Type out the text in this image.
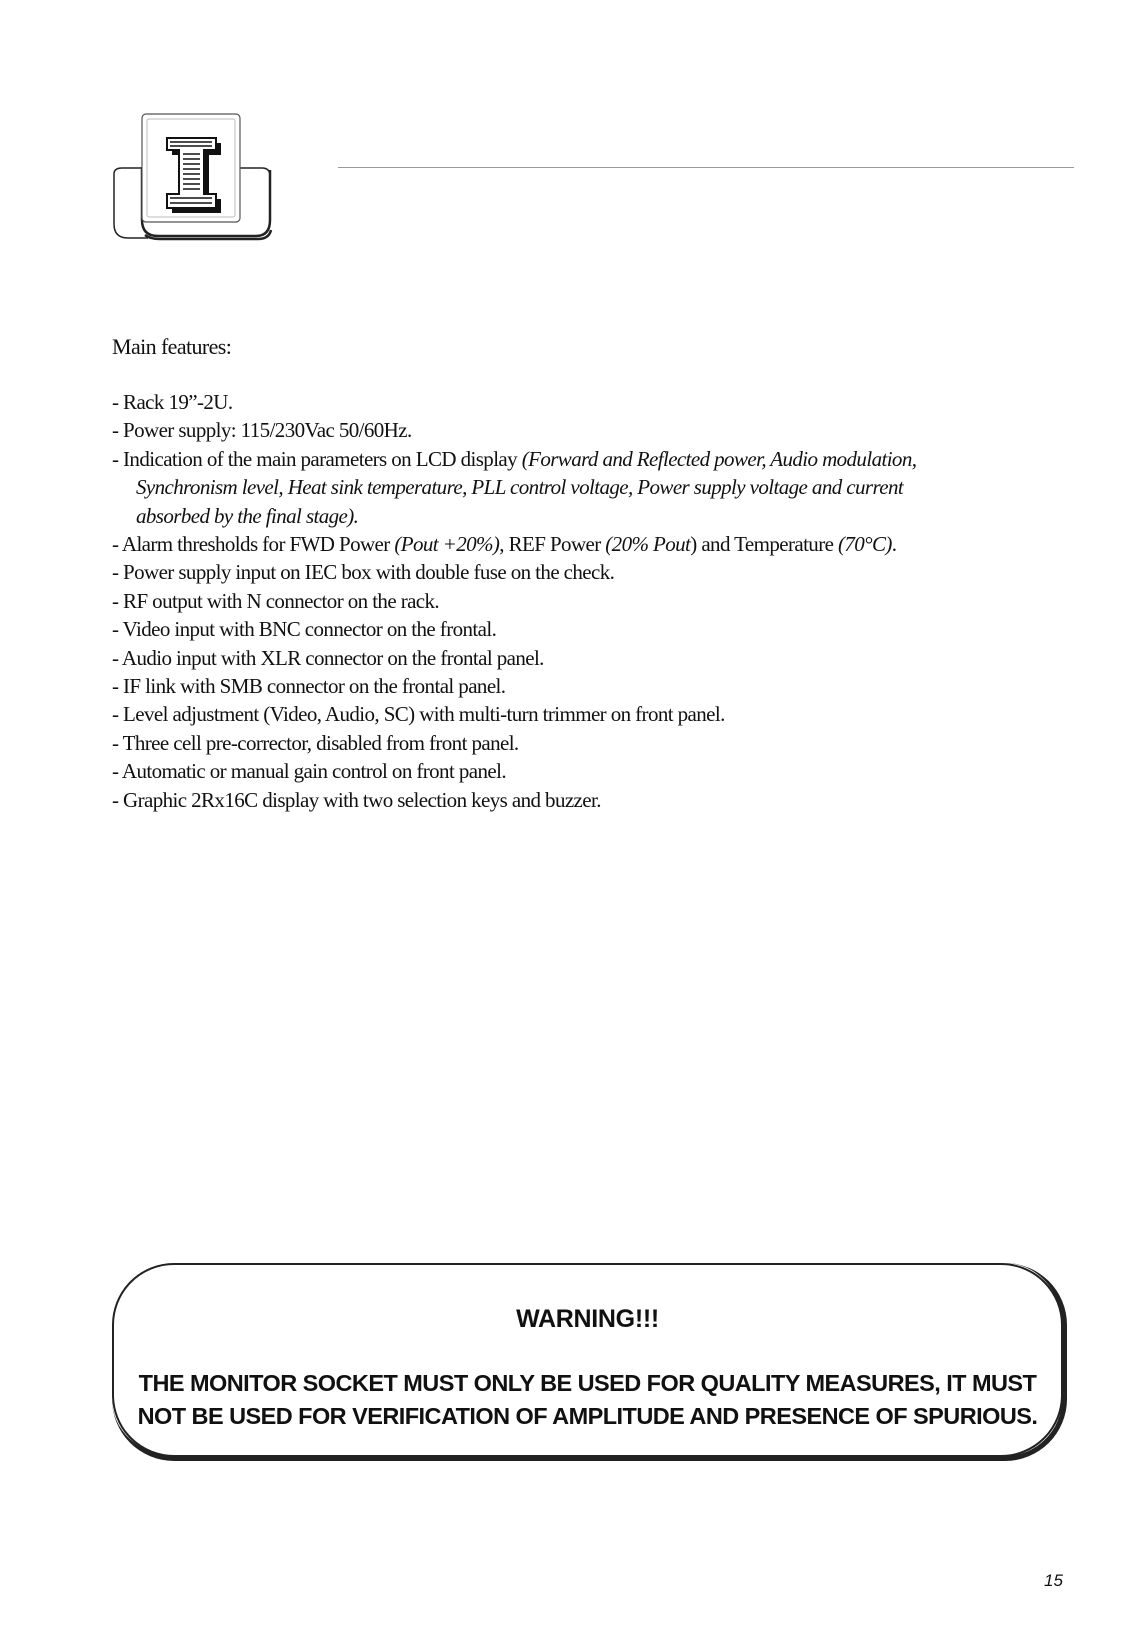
Main features:

- Rack 19”-2U.
- Power supply: 115/230Vac 50/60Hz.
- Indication of the main parameters on LCD display (Forward and Reflected power, Audio modulation,
Synchronism level, Heat sink temperature, PLL control voltage, Power supply voltage and current
absorbed by the final stage).
- Alarm thresholds for FWD Power (Pout +20%), REF Power (20% Pout) and Temperature (70°C).
- Power supply input on IEC box with double fuse on the check.
- RF output with N connector on the rack.
- Video input with BNC connector on the frontal.
- Audio input with XLR connector on the frontal panel.
- IF link with SMB connector on the frontal panel.
- Level adjustment (Video, Audio, SC) with multi-turn trimmer on front panel.
- Three cell pre-corrector, disabled from front panel.
- Automatic or manual gain control on front panel.
- Graphic 2Rx16C display with two selection keys and buzzer.
WARNING!!!
THE MONITOR SOCKET MUST ONLY BE USED FOR QUALITY MEASURES, IT MUST
NOT BE USED FOR VERIFICATION OF AMPLITUDE AND PRESENCE OF SPURIOUS.
15
